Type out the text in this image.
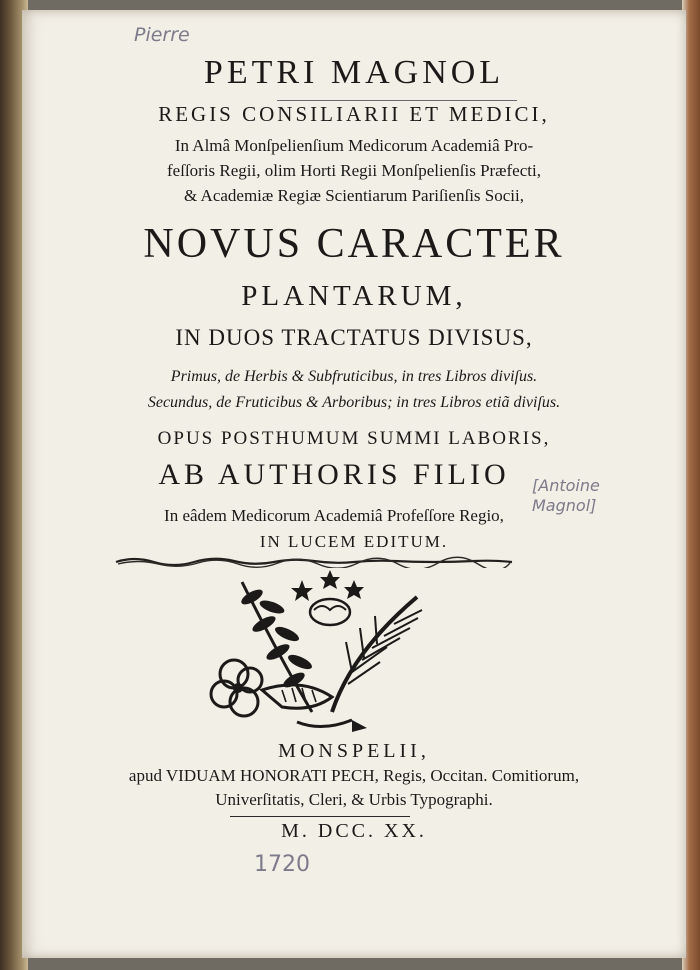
Pierre
PETRI MAGNOL
REGIS CONSILIARII ET MEDICI,
In Almâ Monſpelienſium Medicorum Academiâ Pro-
feſſoris Regii, olim Horti Regii Monſpelienſis Præfecti,
& Academiæ Regiæ Scientiarum Pariſienſis Socii,
NOVUS CARACTER
PLANTARUM,
IN DUOS TRACTATUS DIVISUS,
Primus, de Herbis & Subfruticibus, in tres Libros diviſus.
Secundus, de Fruticibus & Arboribus; in tres Libros etiã diviſus.
OPUS POSTHUMUM SUMMI LABORIS,
AB AUTHORIS FILIO	[Antoine Magnol]
In eâdem Medicorum Academiâ Profeſſore Regio,
IN LUCEM EDITUM.
MONSPELII,
apud VIDUAM HONORATI PECH, Regis, Occitan. Comitiorum,
Univerſitatis, Cleri, & Urbis Typographi.
M. DCC. XX.
1720
